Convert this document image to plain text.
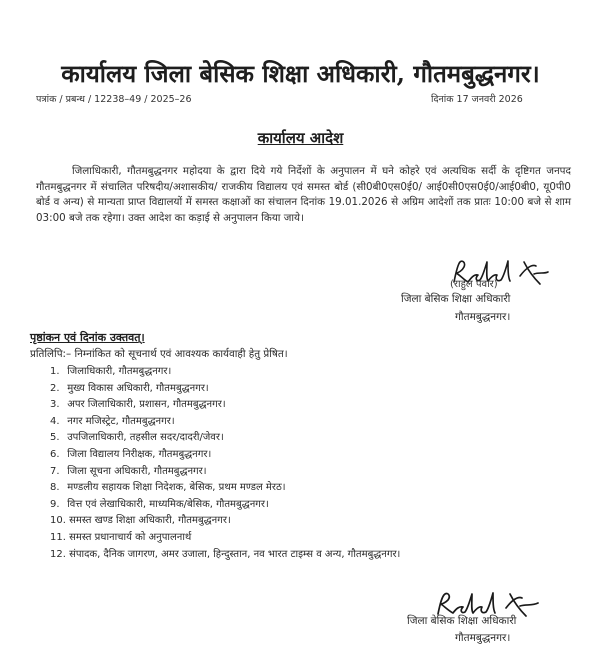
कार्यालय जिला बेसिक शिक्षा अधिकारी, गौतमबुद्धनगर।
पत्रांक / प्रबन्ध / 12238–49 / 2025–26	दिनांक 17 जनवरी 2026
कार्यालय आदेश
जिलाधिकारी, गौतमबुद्धनगर महोदया के द्वारा दिये गये निर्देशों के अनुपालन में घने कोहरे एवं अत्यधिक सर्दी के दृष्टिगत जनपद गौतमबुद्धनगर में संचालित परिषदीय/अशासकीय/ राजकीय विद्यालय एवं समस्त बोर्ड (सी0बी0एस0ई0/ आई0सी0एस0ई0/आई0बी0, यू0पी0 बोर्ड व अन्य) से मान्यता प्राप्त विद्यालयों में समस्त कक्षाओं का संचालन दिनांक 19.01.2026 से अग्रिम आदेशों तक प्रातः 10:00 बजे से शाम 03:00 बजे तक रहेगा। उक्त आदेश का कड़ाई से अनुपालन किया जाये।
(राहुल पंवार)
जिला बेसिक शिक्षा अधिकारी
गौतमबुद्धनगर।
पृष्ठांकन एवं दिनांक उक्तवत्।
प्रतिलिपि:– निम्नांकित को सूचनार्थ एवं आवश्यक कार्यवाही हेतु प्रेषित।
1. जिलाधिकारी, गौतमबुद्धनगर।
2. मुख्य विकास अधिकारी, गौतमबुद्धनगर।
3. अपर जिलाधिकारी, प्रशासन, गौतमबुद्धनगर।
4. नगर मजिस्ट्रेट, गौतमबुद्धनगर।
5. उपजिलाधिकारी, तहसील सदर/दादरी/जेवर।
6. जिला विद्यालय निरीक्षक, गौतमबुद्धनगर।
7. जिला सूचना अधिकारी, गौतमबुद्धनगर।
8. मण्डलीय सहायक शिक्षा निदेशक, बेसिक, प्रथम मण्डल मेरठ।
9. वित्त एवं लेखाधिकारी, माध्यमिक/बेसिक, गौतमबुद्धनगर।
10. समस्त खण्ड शिक्षा अधिकारी, गौतमबुद्धनगर।
11. समस्त प्रधानाचार्य को अनुपालनार्थ
12. संपादक, दैनिक जागरण, अमर उजाला, हिन्दुस्तान, नव भारत टाइम्स व अन्य, गौतमबुद्धनगर।
जिला बेसिक शिक्षा अधिकारी
गौतमबुद्धनगर।
